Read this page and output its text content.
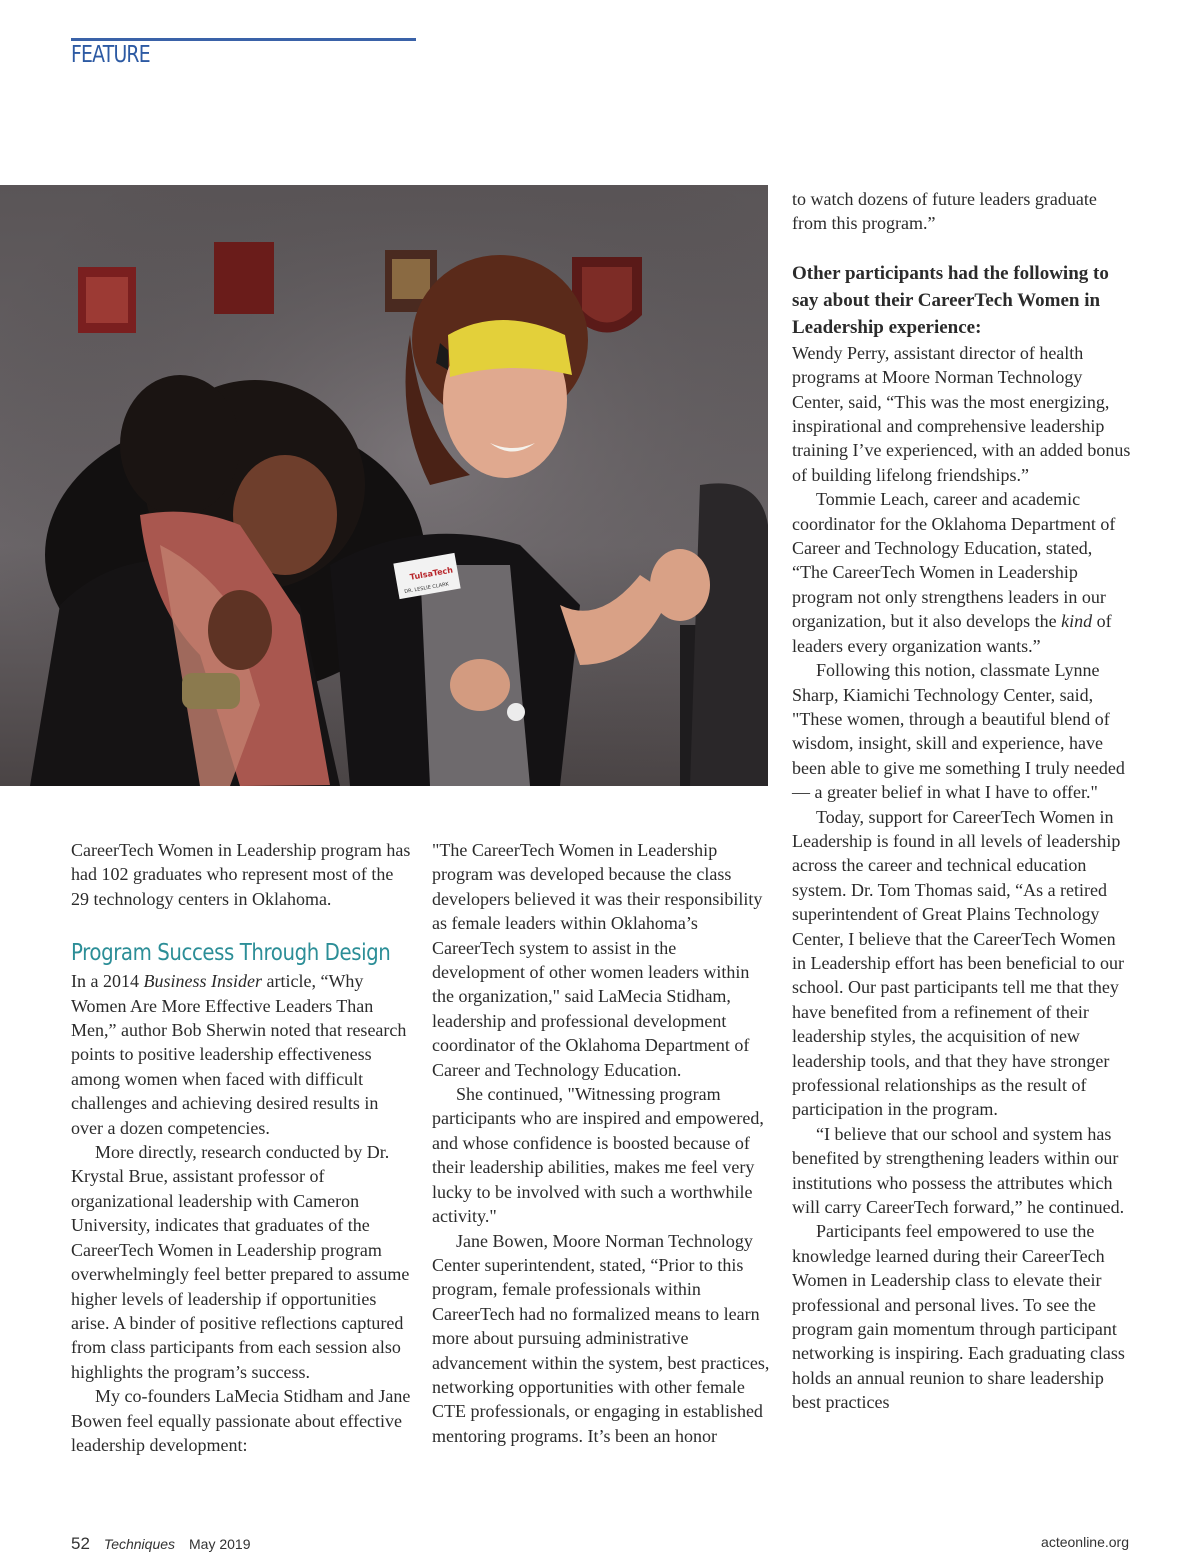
FEATURE
TulsaTech
DR. LESLIE CLARK

CareerTech Women in Leadership program has had 102 graduates who represent most of the 29 technology centers in Oklahoma.

Program Success Through Design

In a 2014 Business Insider article, “Why Women Are More Effective Leaders Than Men,” author Bob Sherwin noted that research points to positive leadership effectiveness among women when faced with difficult challenges and achieving desired results in over a dozen competencies.

More directly, research conducted by Dr. Krystal Brue, assistant professor of organizational leadership with Cameron University, indicates that graduates of the CareerTech Women in Leadership program overwhelmingly feel better prepared to assume higher levels of leadership if opportunities arise. A binder of positive reflections captured from class participants from each session also highlights the program’s success.

My co-founders LaMecia Stidham and Jane Bowen feel equally passionate about effective leadership development:

"The CareerTech Women in Leadership program was developed because the class developers believed it was their responsibility as female leaders within Oklahoma’s CareerTech system to assist in the development of other women leaders within the organization," said LaMecia Stidham, leadership and professional development coordinator of the Oklahoma Department of Career and Technology Education.

She continued, "Witnessing program participants who are inspired and empowered, and whose confidence is boosted because of their leadership abilities, makes me feel very lucky to be involved with such a worthwhile activity."

Jane Bowen, Moore Norman Technology Center superintendent, stated, “Prior to this program, female professionals within CareerTech had no formalized means to learn more about pursuing administrative advancement within the system, best practices, networking opportunities with other female CTE professionals, or engaging in established mentoring programs. It’s been an honor

to watch dozens of future leaders graduate from this program.”

Other participants had the following to say about their CareerTech Women in Leadership experience:

Wendy Perry, assistant director of health programs at Moore Norman Technology Center, said, “This was the most energizing, inspirational and comprehensive leadership training I’ve experienced, with an added bonus of building lifelong friendships.”

Tommie Leach, career and academic coordinator for the Oklahoma Department of Career and Technology Education, stated, “The CareerTech Women in Leadership program not only strengthens leaders in our organization, but it also develops the kind of leaders every organization wants.”

Following this notion, classmate Lynne Sharp, Kiamichi Technology Center, said, "These women, through a beautiful blend of wisdom, insight, skill and experience, have been able to give me something I truly needed — a greater belief in what I have to offer."

Today, support for CareerTech Women in Leadership is found in all levels of leadership across the career and technical education system. Dr. Tom Thomas said, “As a retired superintendent of Great Plains Technology Center, I believe that the CareerTech Women in Leadership effort has been beneficial to our school. Our past participants tell me that they have benefited from a refinement of their leadership styles, the acquisition of new leadership tools, and that they have stronger professional relationships as the result of participation in the program.

“I believe that our school and system has benefited by strengthening leaders within our institutions who possess the attributes which will carry CareerTech forward,” he continued.

Participants feel empowered to use the knowledge learned during their CareerTech Women in Leadership class to elevate their professional and personal lives. To see the program gain momentum through participant networking is inspiring. Each graduating class holds an annual reunion to share leadership best practices

52 Techniques May 2019	acteonline.org
